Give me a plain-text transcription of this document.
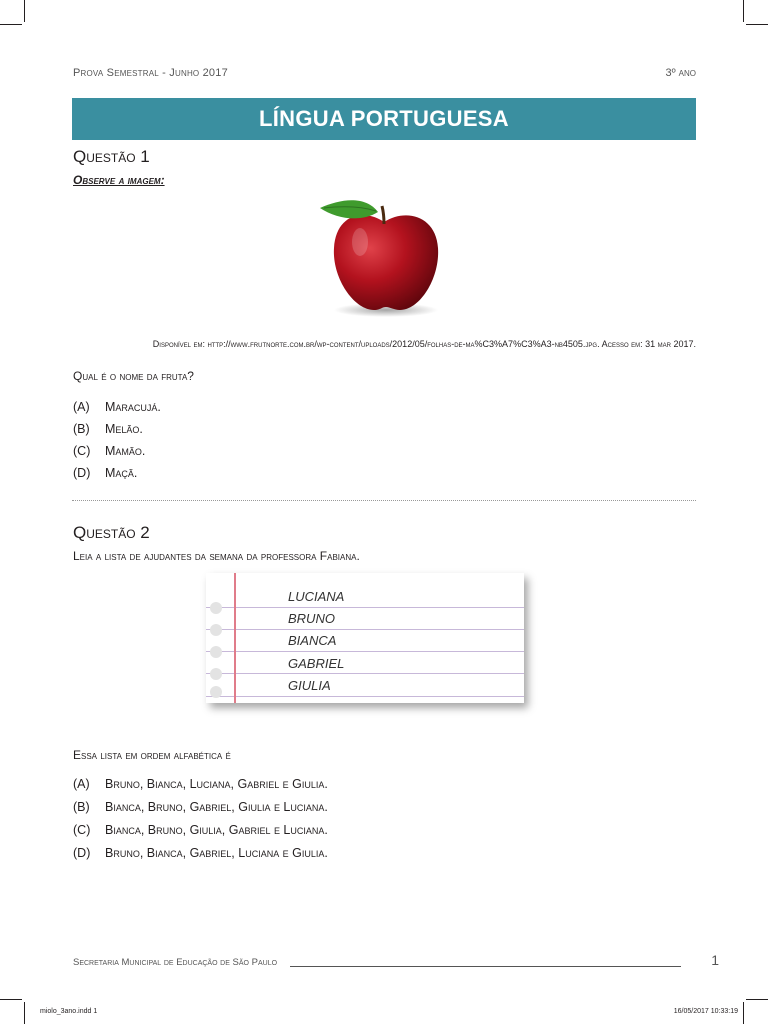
Prova Semestral - Junho 2017	3º ano
LÍNGUA PORTUGUESA
Questão 1
Observe a imagem:
Disponível em: http://www.frutnorte.com.br/wp-content/uploads/2012/05/folhas-de-ma%C3%A7%C3%A3-nb4505.jpg. Acesso em: 31 mar 2017.
Qual é o nome da fruta?
(A) Maracujá.
(B) Melão.
(C) Mamão.
(D) Maçã.
Questão 2
Leia a lista de ajudantes da semana da professora Fabiana.
LUCIANA
BRUNO
BIANCA
GABRIEL
GIULIA
Essa lista em ordem alfabética é
(A) Bruno, Bianca, Luciana, Gabriel e Giulia.
(B) Bianca, Bruno, Gabriel, Giulia e Luciana.
(C) Bianca, Bruno, Giulia, Gabriel e Luciana.
(D) Bruno, Bianca, Gabriel, Luciana e Giulia.
Secretaria Municipal de Educação de São Paulo	1
miolo_3ano.indd 1	16/05/2017 10:33:19
